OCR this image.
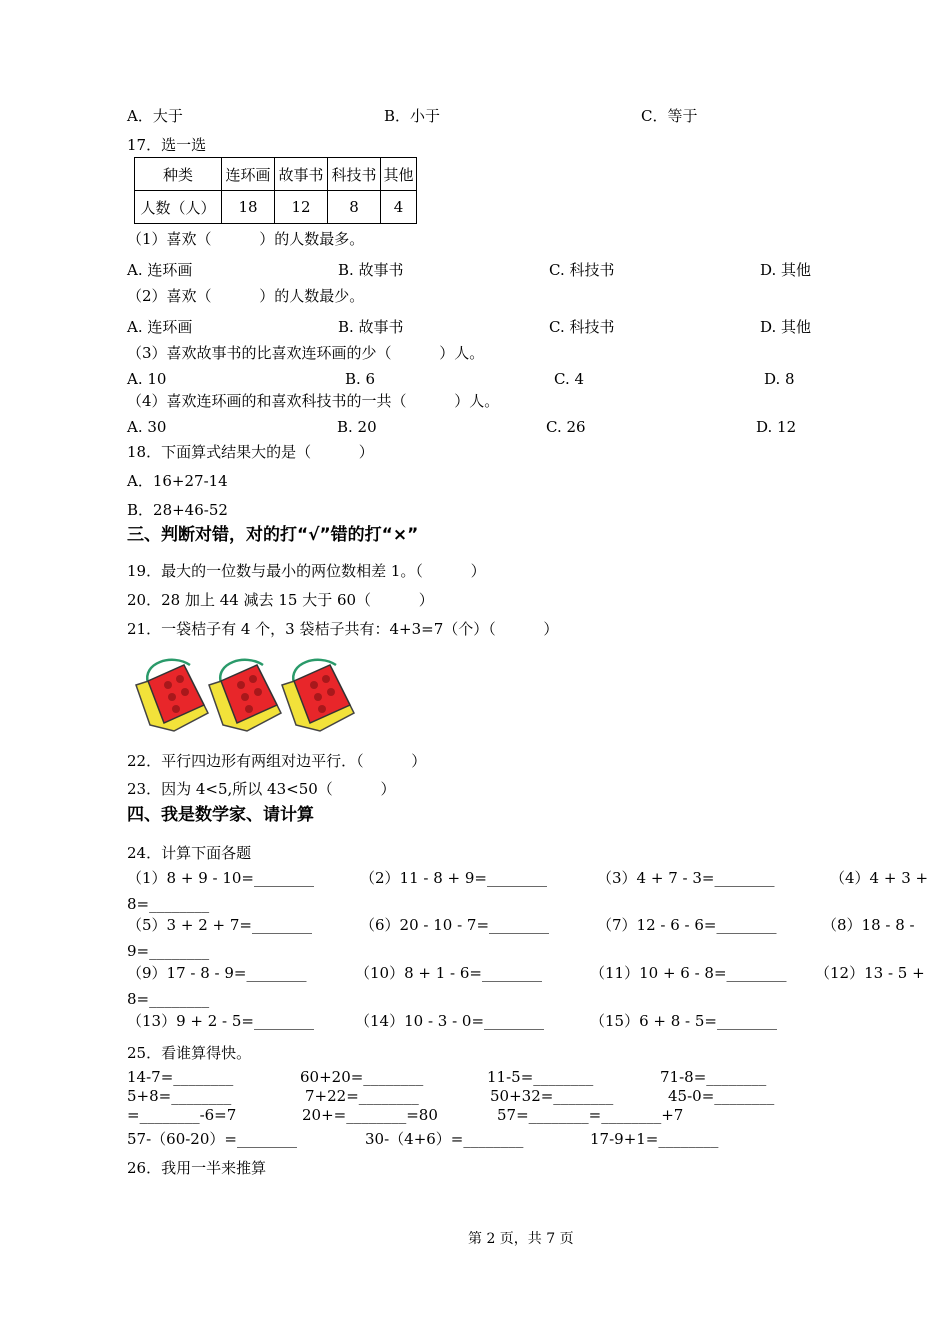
A．大于	B．小于	C．等于
17．选一选
种类	连环画	故事书	科技书	其他
人数（人）	18	12	8	4
（1）喜欢（          ）的人数最多。
A. 连环画	B. 故事书	C. 科技书	D. 其他
（2）喜欢（          ）的人数最少。
A. 连环画	B. 故事书	C. 科技书	D. 其他
（3）喜欢故事书的比喜欢连环画的少（          ）人。
A. 10	B. 6	C. 4	D. 8
（4）喜欢连环画的和喜欢科技书的一共（          ）人。
A. 30	B. 20	C. 26	D. 12
18．下面算式结果大的是（          ）
A．16+27-14
B．28+46-52
三、判断对错，对的打“√”错的打“×”
19．最大的一位数与最小的两位数相差 1。（          ）
20．28 加上 44 减去 15 大于 60（          ）
21．一袋桔子有 4 个，3 袋桔子共有：4+3=7（个）（          ）
22．平行四边形有两组对边平行．（          ）
23．因为 4<5,所以 43<50（          ）
四、我是数学家、请计算
24．计算下面各题
（1）8 + 9 - 10=________	（2）11 - 8 + 9=________	（3）4 + 7 - 3=________	（4）4 + 3 +
8=________
（5）3 + 2 + 7=________	（6）20 - 10 - 7=________	（7）12 - 6 - 6=________	（8）18 - 8 -
9=________
（9）17 - 8 - 9=________	（10）8 + 1 - 6=________	（11）10 + 6 - 8=________ （12）13 - 5 +
8=________
（13）9 + 2 - 5=________	（14）10 - 3 - 0=________	（15）6 + 8 - 5=________
25．看谁算得快。
14-7=________	60+20=________	11-5=________	71-8=________
5+8=________	7+22=________	50+32=________	45-0=________
=________-6=7	20+=________=80	57=________=________+7
57-（60-20）=________	30-（4+6）=________	17-9+1=________
26．我用一半来推算
第 2 页，共 7 页
